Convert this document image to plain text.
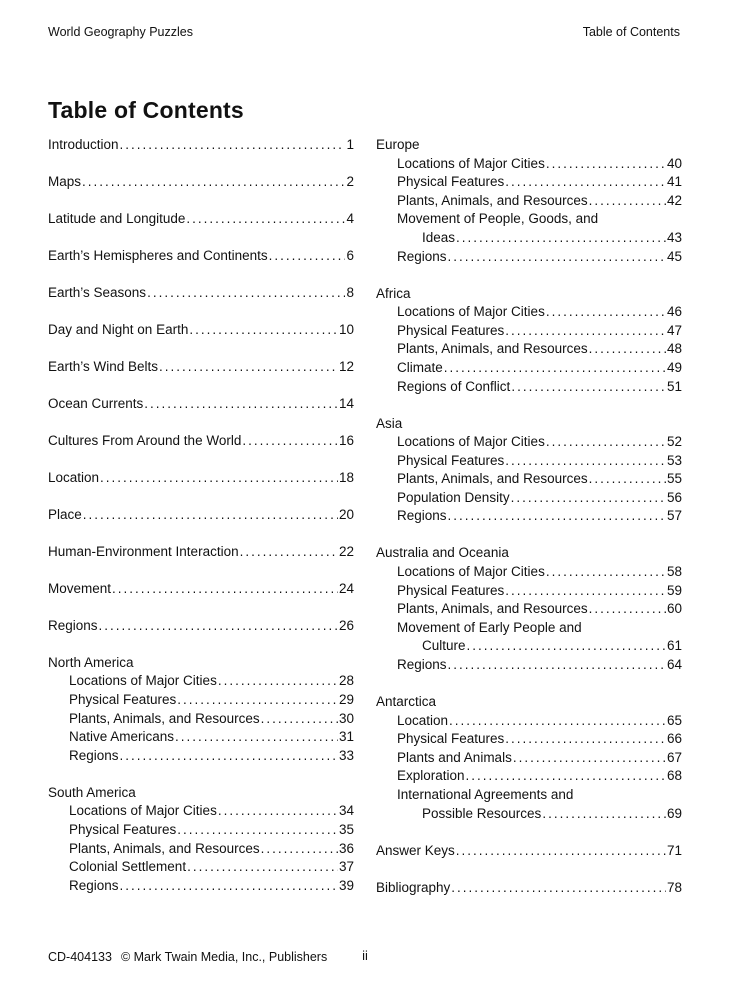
World Geography Puzzles	Table of Contents
Table of Contents
Introduction .....	1
Maps .....	2
Latitude and Longitude .....	4
Earth’s Hemispheres and Continents .....	6
Earth’s Seasons .....	8
Day and Night on Earth .....	10
Earth’s Wind Belts .....	12
Ocean Currents .....	14
Cultures From Around the World .....	16
Location .....	18
Place .....	20
Human-Environment Interaction .....	22
Movement .....	24
Regions .....	26
North America
Locations of Major Cities .....	28
Physical Features .....	29
Plants, Animals, and Resources .....	30
Native Americans .....	31
Regions .....	33
South America
Locations of Major Cities .....	34
Physical Features .....	35
Plants, Animals, and Resources .....	36
Colonial Settlement .....	37
Regions .....	39
Europe
Locations of Major Cities .....	40
Physical Features .....	41
Plants, Animals, and Resources .....	42
Movement of People, Goods, and
Ideas .....	43
Regions .....	45
Africa
Locations of Major Cities .....	46
Physical Features .....	47
Plants, Animals, and Resources .....	48
Climate .....	49
Regions of Conflict .....	51
Asia
Locations of Major Cities .....	52
Physical Features .....	53
Plants, Animals, and Resources .....	55
Population Density .....	56
Regions .....	57
Australia and Oceania
Locations of Major Cities .....	58
Physical Features .....	59
Plants, Animals, and Resources .....	60
Movement of Early People and
Culture .....	61
Regions .....	64
Antarctica
Location .....	65
Physical Features .....	66
Plants and Animals .....	67
Exploration .....	68
International Agreements and
Possible Resources .....	69
Answer Keys .....	71
Bibliography .....	78
CD-404133 © Mark Twain Media, Inc., Publishers	ii
